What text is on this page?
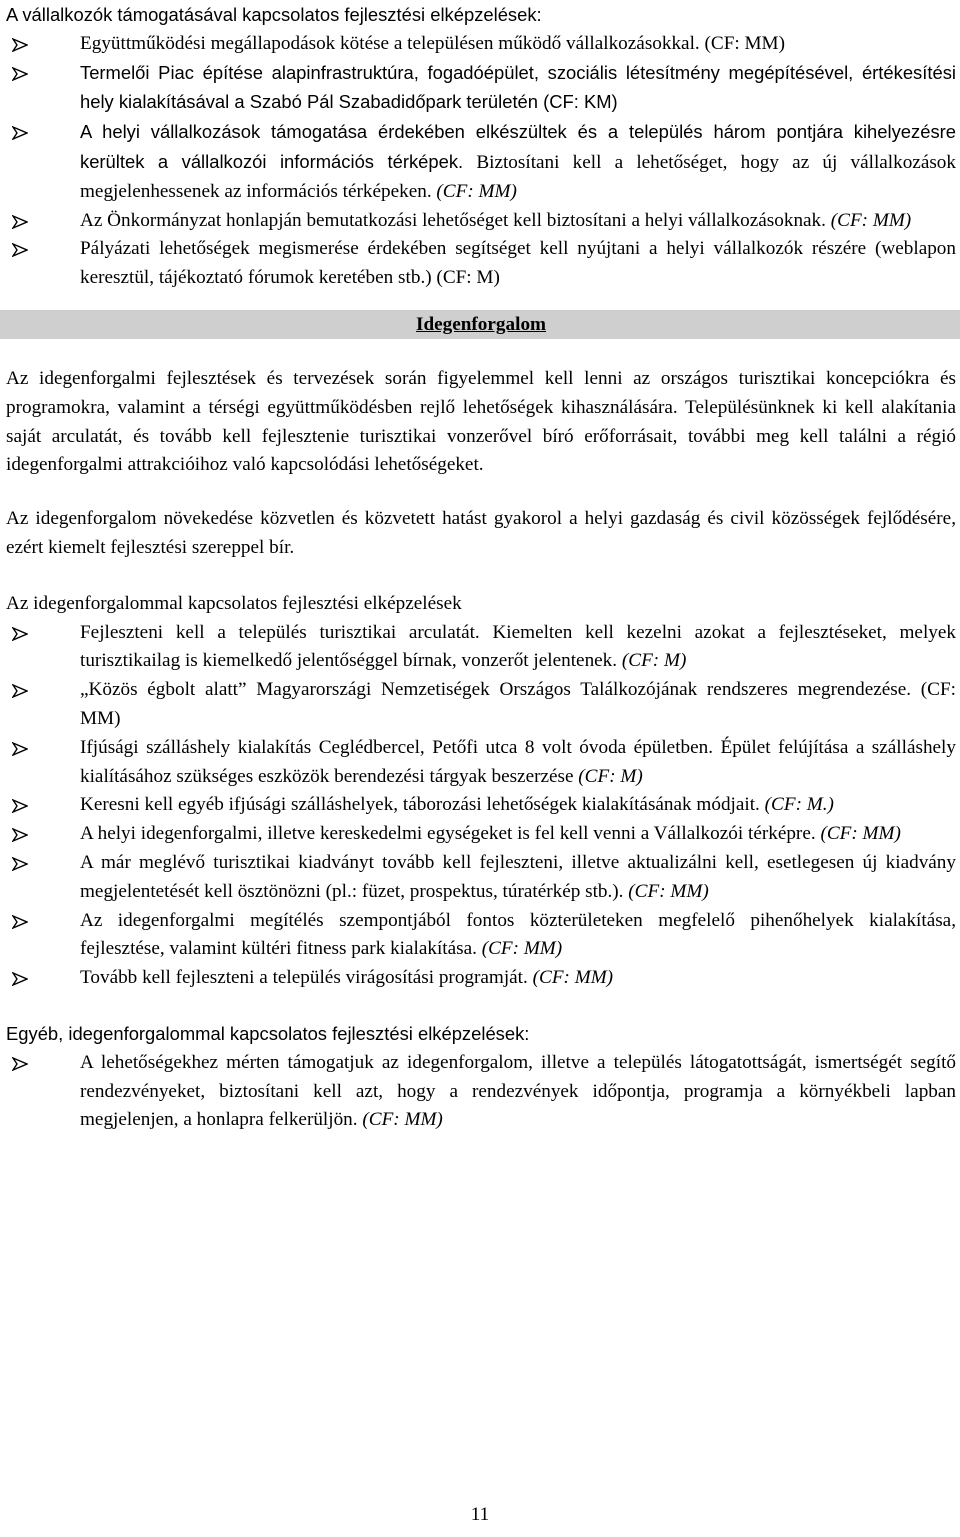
A vállalkozók támogatásával kapcsolatos fejlesztési elképzelések:

Együttműködési megállapodások kötése a településen működő vállalkozásokkal. (CF: MM)
Termelői Piac építése alapinfrastruktúra, fogadóépület, szociális létesítmény megépítésével, értékesítési hely kialakításával a Szabó Pál Szabadidőpark területén (CF: KM)
A helyi vállalkozások támogatása érdekében elkészültek és a település három pontjára kihelyezésre kerültek a vállalkozói információs térképek. Biztosítani kell a lehetőséget, hogy az új vállalkozások megjelenhessenek az információs térképeken. (CF: MM)
Az Önkormányzat honlapján bemutatkozási lehetőséget kell biztosítani a helyi vállalkozásoknak. (CF: MM)
Pályázati lehetőségek megismerése érdekében segítséget kell nyújtani a helyi vállalkozók részére (weblapon keresztül, tájékoztató fórumok keretében stb.) (CF: M)
Idegenforgalom

Az idegenforgalmi fejlesztések és tervezések során figyelemmel kell lenni az országos turisztikai koncepciókra és programokra, valamint a térségi együttműködésben rejlő lehetőségek kihasználására. Településünknek ki kell alakítania saját arculatát, és tovább kell fejlesztenie turisztikai vonzerővel bíró erőforrásait, további meg kell találni a régió idegenforgalmi attrakcióihoz való kapcsolódási lehetőségeket.

Az idegenforgalom növekedése közvetlen és közvetett hatást gyakorol a helyi gazdaság és civil közösségek fejlődésére, ezért kiemelt fejlesztési szereppel bír.

Az idegenforgalommal kapcsolatos fejlesztési elképzelések

Fejleszteni kell a település turisztikai arculatát. Kiemelten kell kezelni azokat a fejlesztéseket, melyek turisztikailag is kiemelkedő jelentőséggel bírnak, vonzerőt jelentenek. (CF: M)
„Közös égbolt alatt” Magyarországi Nemzetiségek Országos Találkozójának rendszeres megrendezése. (CF: MM)
Ifjúsági szálláshely kialakítás Ceglédbercel, Petőfi utca 8 volt óvoda épületben. Épület felújítása a szálláshely kialításához szükséges eszközök berendezési tárgyak beszerzése (CF: M)
Keresni kell egyéb ifjúsági szálláshelyek, táborozási lehetőségek kialakításának módjait. (CF: M.)
A helyi idegenforgalmi, illetve kereskedelmi egységeket is fel kell venni a Vállalkozói térképre. (CF: MM)
A már meglévő turisztikai kiadványt tovább kell fejleszteni, illetve aktualizálni kell, esetlegesen új kiadvány megjelentetését kell ösztönözni (pl.: füzet, prospektus, túratérkép stb.). (CF: MM)
Az idegenforgalmi megítélés szempontjából fontos közterületeken megfelelő pihenőhelyek kialakítása, fejlesztése, valamint kültéri fitness park kialakítása. (CF: MM)
Tovább kell fejleszteni a település virágosítási programját. (CF: MM)

Egyéb, idegenforgalommal kapcsolatos fejlesztési elképzelések:

A lehetőségekhez mérten támogatjuk az idegenforgalom, illetve a település látogatottságát, ismertségét segítő rendezvényeket, biztosítani kell azt, hogy a rendezvények időpontja, programja a környékbeli lapban megjelenjen, a honlapra felkerüljön. (CF: MM)
11
